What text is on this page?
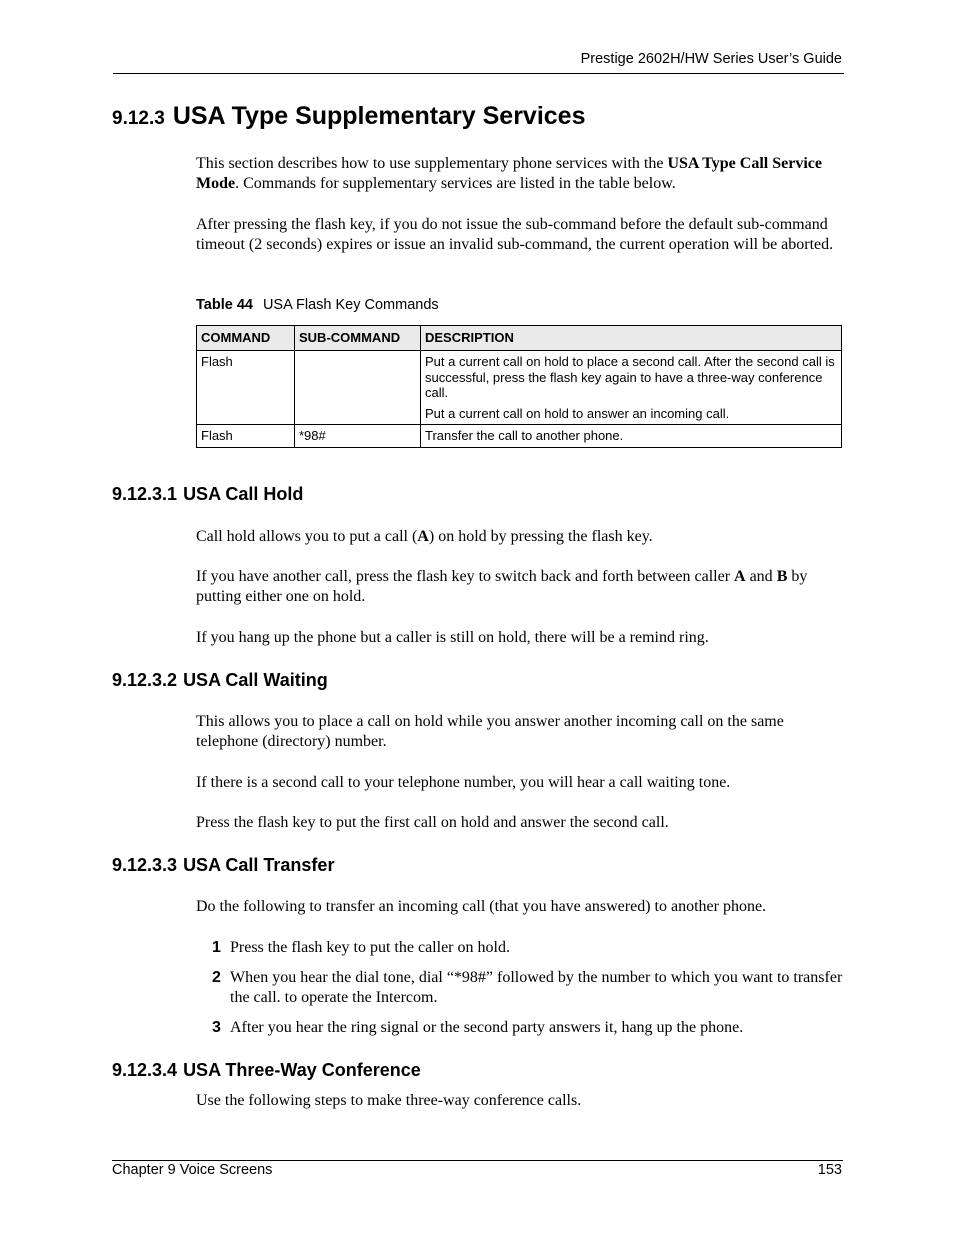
Prestige 2602H/HW Series User’s Guide
9.12.3 USA Type Supplementary Services
This section describes how to use supplementary phone services with the USA Type Call Service Mode. Commands for supplementary services are listed in the table below.
After pressing the flash key, if you do not issue the sub-command before the default sub-command timeout (2 seconds) expires or issue an invalid sub-command, the current operation will be aborted.
Table 44 USA Flash Key Commands
COMMAND	SUB-COMMAND	DESCRIPTION
Flash		Put a current call on hold to place a second call. After the second call is successful, press the flash key again to have a three-way conference call.

Put a current call on hold to answer an incoming call.

Flash	*98#	Transfer the call to another phone.

9.12.3.1 USA Call Hold
Call hold allows you to put a call (A) on hold by pressing the flash key.
If you have another call, press the flash key to switch back and forth between caller A and B by putting either one on hold.
If you hang up the phone but a caller is still on hold, there will be a remind ring.
9.12.3.2 USA Call Waiting
This allows you to place a call on hold while you answer another incoming call on the same telephone (directory) number.
If there is a second call to your telephone number, you will hear a call waiting tone.
Press the flash key to put the first call on hold and answer the second call.
9.12.3.3 USA Call Transfer
Do the following to transfer an incoming call (that you have answered) to another phone.
1 Press the flash key to put the caller on hold.
2 When you hear the dial tone, dial “*98#” followed by the number to which you want to transfer the call. to operate the Intercom.
3 After you hear the ring signal or the second party answers it, hang up the phone.
9.12.3.4 USA Three-Way Conference
Use the following steps to make three-way conference calls.
Chapter 9 Voice Screens	153
